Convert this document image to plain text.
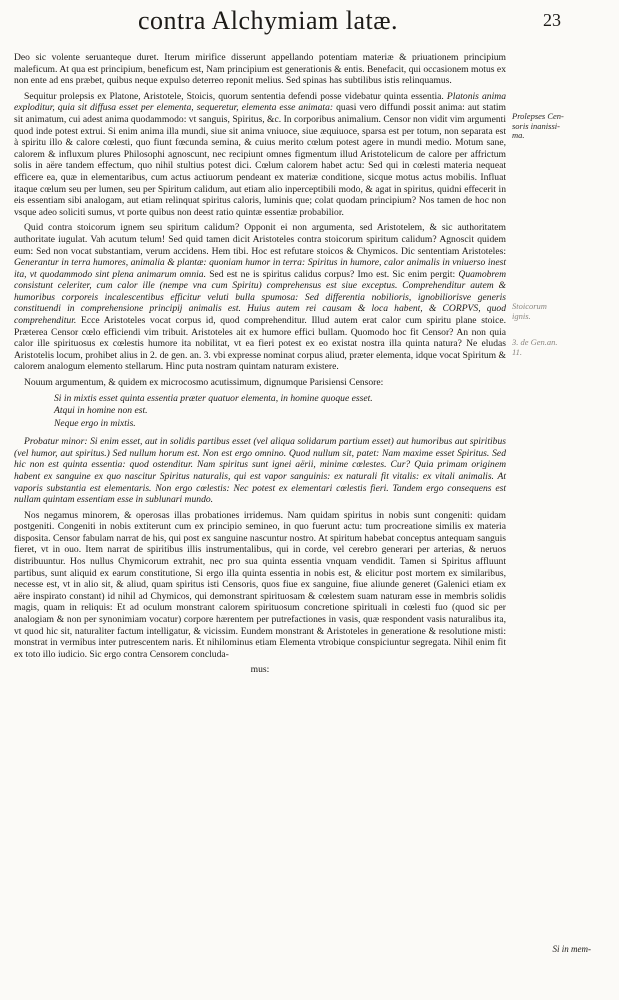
contra Alchymiam latæ.	23
Prolepses Cen-
soris inanissi-
ma.
Stoicorum
ignis.
3. de Gen.an.
11.

Deo sic volente seruanteque duret. Iterum mirifice disserunt appellando potentiam materiæ & priuationem principium maleficum. At qua est principium, beneficum est, Nam principium est generationis & entis. Benefacit, qui occasionem motus ex non ente ad ens præbet, quibus neque expulso deterreo reponit melius. Sed spinas has subtilibus istis relinquamus.

Sequitur prolepsis ex Platone, Aristotele, Stoicis, quorum sententia defendi posse videbatur quinta essentia. Platonis anima exploditur, quia sit diffusa esset per elementa, sequeretur, elementa esse animata: quasi vero diffundi possit anima: aut statim sit animatum, cui adest anima quodammodo: vt sanguis, Spiritus, &c. In corporibus animalium. Censor non vidit vim argumenti quod inde potest extrui. Si enim anima illa mundi, siue sit anima vniuoce, siue æquiuoce, sparsa est per totum, non separata est à spiritu illo & calore cœlesti, quo fiunt fœcunda semina, & cuius merito cœlum potest agere in mundi medio. Motum sane, calorem & influxum plures Philosophi agnoscunt, nec recipiunt omnes figmentum illud Aristotelicum de calore per affrictum solis in aëre tandem effectum, quo nihil stultius potest dici. Cœlum calorem habet actu: Sed qui in cœlesti materia nequeat efficere ea, quæ in elementaribus, cum actus actiuorum pendeant ex materiæ conditione, sicque motus actus mobilis. Influat itaque cœlum seu per lumen, seu per Spiritum calidum, aut etiam alio inperceptibili modo, & agat in spiritus, quidni effecerit in eis essentiam sibi analogam, aut etiam relinquat spiritus caloris, luminis que; colat quodam principium? Nos tamen de hoc non vsque adeo soliciti sumus, vt porte quibus non deest ratio quintæ essentiæ probabilior.

Quid contra stoicorum ignem seu spiritum calidum? Opponit ei non argumenta, sed Aristotelem, & sic authoritatem authoritate iugulat. Vah acutum telum! Sed quid tamen dicit Aristoteles contra stoicorum spiritum calidum? Agnoscit quidem eum: Sed non vocat substantiam, verum accidens. Hem tibi. Hoc est refutare stoicos & Chymicos. Dic sententiam Aristoteles: Generantur in terra humores, animalia & plantæ: quoniam humor in terra: Spiritus in humore, calor animalis in vniuerso inest ita, vt quodammodo sint plena animarum omnia. Sed est ne is spiritus calidus corpus? Imo est. Sic enim pergit: Quamobrem consistunt celeriter, cum calor ille (nempe vna cum Spiritu) comprehensus est siue exceptus. Comprehenditur autem & humoribus corporeis incalescentibus efficitur veluti bulla spumosa: Sed differentia nobilioris, ignobiliorisve generis constituendi in comprehensione principij animalis est. Huius autem rei causam & loca habent, & CORPVS, quod comprehenditur. Ecce Aristoteles vocat corpus id, quod comprehenditur. Illud autem erat calor cum spiritu plane stoice. Præterea Censor cœlo efficiendi vim tribuit. Aristoteles ait ex humore effici bullam. Quomodo hoc fit Censor? An non quia calor ille spirituosus ex cœlestis humore ita nobilitat, vt ea fieri potest ex eo existat nostra illa quinta natura? Ne eludas Aristotelis locum, prohibet alius in 2. de gen. an. 3. vbi expresse nominat corpus aliud, præter elementa, idque vocat Spiritum & calorem analogum elemento stellarum. Hinc puta nostram quintam naturam existere.

Nouum argumentum, & quidem ex microcosmo acutissimum, dignumque Parisiensi Censore:

Si in mixtis esset quinta essentia præter quatuor elementa, in homine quoque esset.
Atqui in homine non est.
Neque ergo in mixtis.

Probatur minor: Si enim esset, aut in solidis partibus esset (vel aliqua solidarum partium esset) aut humoribus aut spiritibus (vel humor, aut spiritus.) Sed nullum horum est. Non est ergo omnino. Quod nullum sit, patet: Nam maxime esset Spiritus. Sed hic non est quinta essentia: quod ostenditur. Nam spiritus sunt ignei aërii, minime cœlestes. Cur? Quia primam originem habent ex sanguine ex quo nascitur Spiritus naturalis, qui est vapor sanguinis: ex naturali fit vitalis: ex vitali animalis. At vaporis substantia est elementaris. Non ergo cœlestis: Nec potest ex elementari cœlestis fieri. Tandem ergo consequens est nullam quintam essentiam esse in sublunari mundo.

Nos negamus minorem, & operosas illas probationes irridemus. Nam quidam spiritus in nobis sunt congeniti: quidam postgeniti. Congeniti in nobis extiterunt cum ex principio semineo, in quo fuerunt actu: tum procreatione similis ex materia disposita. Censor fabulam narrat de his, qui post ex sanguine nascuntur nostro. At spiritum habebat conceptus antequam sanguis fieret, vt in ouo. Item narrat de spiritibus illis instrumentalibus, qui in corde, vel cerebro generari per arterias, & neruos distribuuntur. Hos nullus Chymicorum extrahit, nec pro sua quinta essentia vnquam vendidit. Tamen si Spiritus affluunt partibus, sunt aliquid ex earum constitutione, Si ergo illa quinta essentia in nobis est, & elicitur post mortem ex similaribus, necesse est, vt in alio sit, & aliud, quam spiritus isti Censoris, quos fiue ex sanguine, fiue aliunde generet (Galenici etiam ex aëre inspirato constant) id nihil ad Chymicos, qui demonstrant spirituosam & cœlestem suam naturam esse in membris solidis magis, quam in reliquis: Et ad oculum monstrant calorem spirituosum concretione spirituali in cœlesti fuo (quod sic per analogiam & non per synonimiam vocatur) corpore hærentem per putrefactiones in vasis, quæ respondent vasis naturalibus ita, vt quod hic sit, naturaliter factum intelligatur, & vicissim. Eundem monstrant & Aristoteles in generatione & resolutione misti: monstrat in vermibus inter putrescentem naris. Et nihilominus etiam Elementa vtrobique conspiciuntur segregata. Nihil enim fit ex toto illo iudicio. Sic ergo contra Censorem concluda-

mus:

Si in mem-
